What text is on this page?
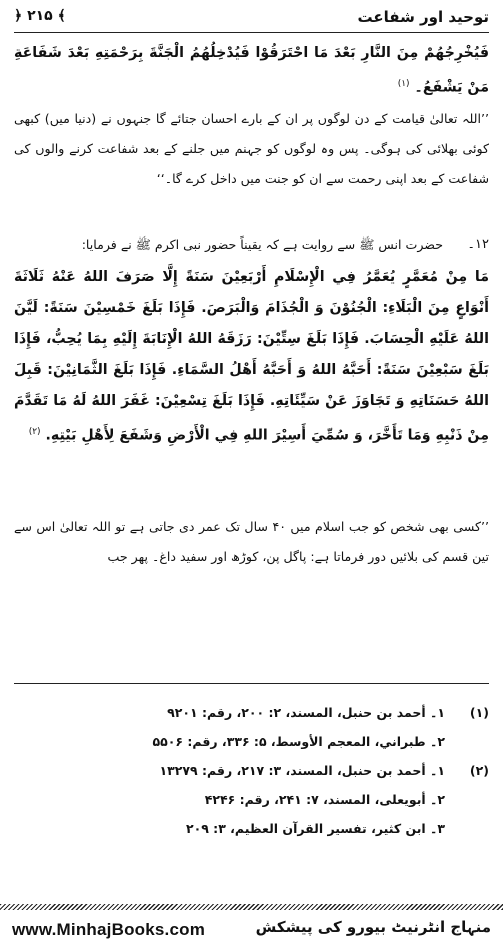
توحید اور شفاعت
﴾ ۲۱۵ ﴿

فَيُخْرِجُهُمْ مِنَ النَّارِ بَعْدَ مَا احْتَرَقُوْا فَيُدْخِلُهُمُ الْجَنَّةَ بِرَحْمَتِهِ بَعْدَ شَفَاعَةِ مَنْ يَشْفَعُ۔ $^{(۱)}$

’’اللہ تعالیٰ قیامت کے دن لوگوں پر ان کے بارے احسان جتائے گا جنہوں نے (دنیا میں) کبھی کوئی بھلائی کی ہوگی۔ پس وہ لوگوں کو جہنم میں جلنے کے بعد شفاعت کرنے والوں کی شفاعت کے بعد اپنی رحمت سے ان کو جنت میں داخل کرے گا۔‘‘

۱۲۔
حضرت انس ﷺ سے روایت ہے کہ یقیناً حضور نبی اکرم ﷺ نے فرمایا:

مَا مِنْ مُعَمَّرٍ يُعَمَّرُ فِي الْإِسْلَامِ أَرْبَعِيْنَ سَنَةً إِلَّا صَرَفَ اللهُ عَنْهُ ثَلَاثَةَ أَنْوَاعٍ مِنَ الْبَلَاءِ: الْجُنُوْنَ وَ الْجُذَامَ وَالْبَرَصَ. فَإِذَا بَلَغَ خَمْسِيْنَ سَنَةً: لَيَّنَ اللهُ عَلَيْهِ الْحِسَابَ. فَإِذَا بَلَغَ سِتِّيْنَ: رَزَقَهُ اللهُ الْإِنَابَةَ إِلَيْهِ بِمَا يُحِبُّ، فَإِذَا بَلَغَ سَبْعِيْنَ سَنَةً: أَحَبَّهُ اللهُ وَ أَحَبَّهُ أَهْلُ السَّمَاءِ. فَإِذَا بَلَغَ الثَّمَانِيْنَ: قَبِلَ اللهُ حَسَنَاتِهِ وَ تَجَاوَزَ عَنْ سَيِّئَاتِهِ. فَإِذَا بَلَغَ تِسْعِيْنَ: غَفَرَ اللهُ لَهُ مَا تَقَدَّمَ مِنْ ذَنْبِهِ وَمَا تَأَخَّرَ، وَ سُمِّيَ أَسِيْرَ اللهِ فِي الْأَرْضِ وَشَفَعَ لِأَهْلِ بَيْتِهِ. $^{(۲)}$

’’کسی بھی شخص کو جب اسلام میں ۴۰ سال تک عمر دی جاتی ہے تو اللہ تعالیٰ اس سے تین قسم کی بلائیں دور فرماتا ہے: پاگل پن، کوڑھ اور سفید داغ۔ پھر جب

(۱)
۱۔ أحمد بن حنبل، المسند، ۲: ۲۰۰، رقم: ۹۲۰۱
۲۔ طبراني، المعجم الأوسط، ۵: ۳۳۶، رقم: ۵۵۰۶
(۲)
۱۔ أحمد بن حنبل، المسند، ۳: ۲۱۷، رقم: ۱۳۲۷۹
۲۔ أبويعلى، المسند، ۷: ۲۴۱، رقم: ۴۲۴۶
۳۔ ابن کثير، تفسير القرآن العظيم، ۳: ۲۰۹
www.MinhajBooks.com	منہاج انٹرنیٹ بیورو کی پیشکش
